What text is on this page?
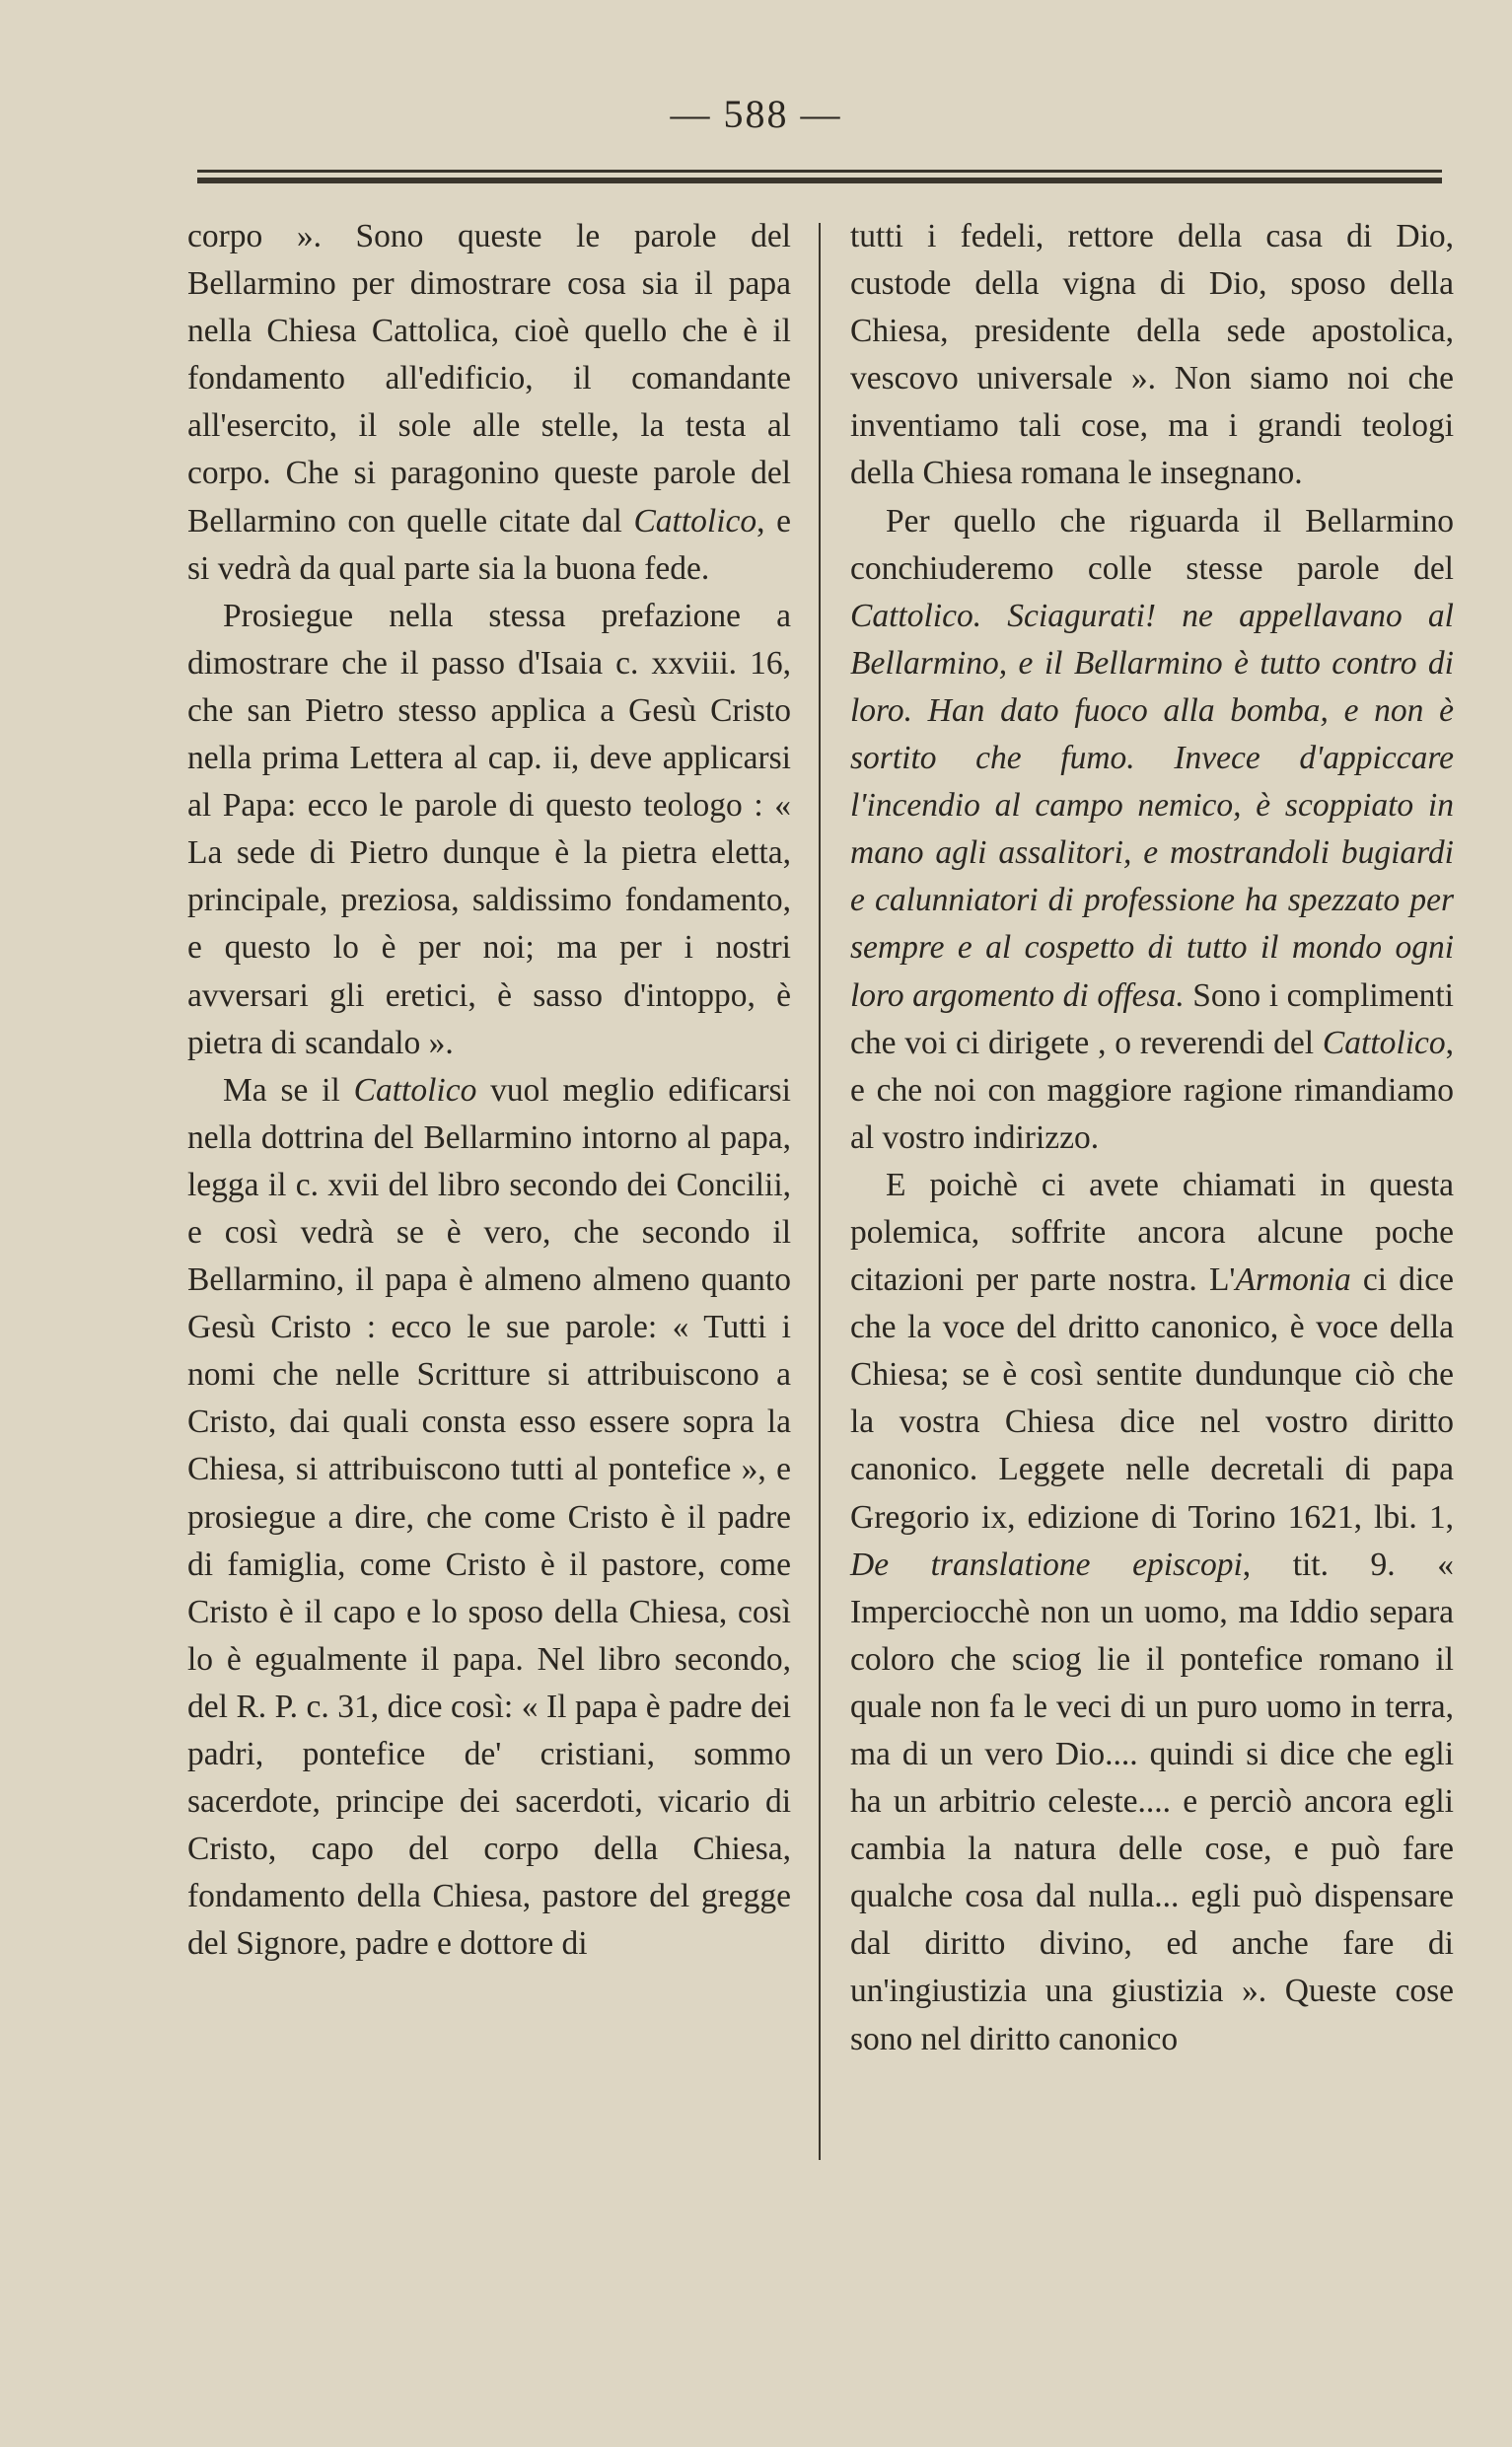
— 588 —

corpo ». Sono queste le parole del Bellarmino per dimostrare cosa sia il papa nella Chiesa Cattolica, cioè quello che è il fondamento all'edificio, il comandante all'esercito, il sole alle stelle, la testa al corpo. Che si paragonino queste parole del Bellarmino con quelle citate dal Cattolico, e si vedrà da qual parte sia la buona fede.

Prosiegue nella stessa prefazione a dimostrare che il passo d'Isaia c. xxviii. 16, che san Pietro stesso applica a Gesù Cristo nella prima Lettera al cap. ii, deve applicarsi al Papa: ecco le parole di questo teologo : « La sede di Pietro dunque è la pietra eletta, principale, preziosa, saldissimo fondamento, e questo lo è per noi; ma per i nostri avversari gli eretici, è sasso d'intoppo, è pietra di scandalo ».

Ma se il Cattolico vuol meglio edificarsi nella dottrina del Bellarmino intorno al papa, legga il c. xvii del libro secondo dei Concilii, e così vedrà se è vero, che secondo il Bellarmino, il papa è almeno almeno quanto Gesù Cristo : ecco le sue parole: « Tutti i nomi che nelle Scritture si attribuiscono a Cristo, dai quali consta esso essere sopra la Chiesa, si attribuiscono tutti al pontefice », e prosiegue a dire, che come Cristo è il padre di famiglia, come Cristo è il pastore, come Cristo è il capo e lo sposo della Chiesa, così lo è egualmente il papa. Nel libro secondo, del R. P. c. 31, dice così: « Il papa è padre dei padri, pontefice de' cristiani, sommo sacerdote, principe dei sacerdoti, vicario di Cristo, capo del corpo della Chiesa, fondamento della Chiesa, pastore del gregge del Signore, padre e dottore di

tutti i fedeli, rettore della casa di Dio, custode della vigna di Dio, sposo della Chiesa, presidente della sede apostolica, vescovo universale ». Non siamo noi che inventiamo tali cose, ma i grandi teologi della Chiesa romana le insegnano.

Per quello che riguarda il Bellarmino conchiuderemo colle stesse parole del Cattolico. Sciagurati! ne appellavano al Bellarmino, e il Bellarmino è tutto contro di loro. Han dato fuoco alla bomba, e non è sortito che fumo. Invece d'appiccare l'incendio al campo nemico, è scoppiato in mano agli assalitori, e mostrandoli bugiardi e calunniatori di professione ha spezzato per sempre e al cospetto di tutto il mondo ogni loro argomento di offesa. Sono i complimenti che voi ci dirigete , o reverendi del Cattolico, e che noi con maggiore ragione rimandiamo al vostro indirizzo.

E poichè ci avete chiamati in questa polemica, soffrite ancora alcune poche citazioni per parte nostra. L'Armonia ci dice che la voce del dritto canonico, è voce della Chiesa; se è così sentite dundunque ciò che la vostra Chiesa dice nel vostro diritto canonico. Leggete nelle decretali di papa Gregorio ix, edizione di Torino 1621, lbi. 1, De translatione episcopi, tit. 9. « Imperciocchè non un uomo, ma Iddio separa coloro che sciog lie il pontefice romano il quale non fa le veci di un puro uomo in terra, ma di un vero Dio.... quindi si dice che egli ha un arbitrio celeste.... e perciò ancora egli cambia la natura delle cose, e può fare qualche cosa dal nulla... egli può dispensare dal diritto divino, ed anche fare di un'ingiustizia una giustizia ». Queste cose sono nel diritto canonico
